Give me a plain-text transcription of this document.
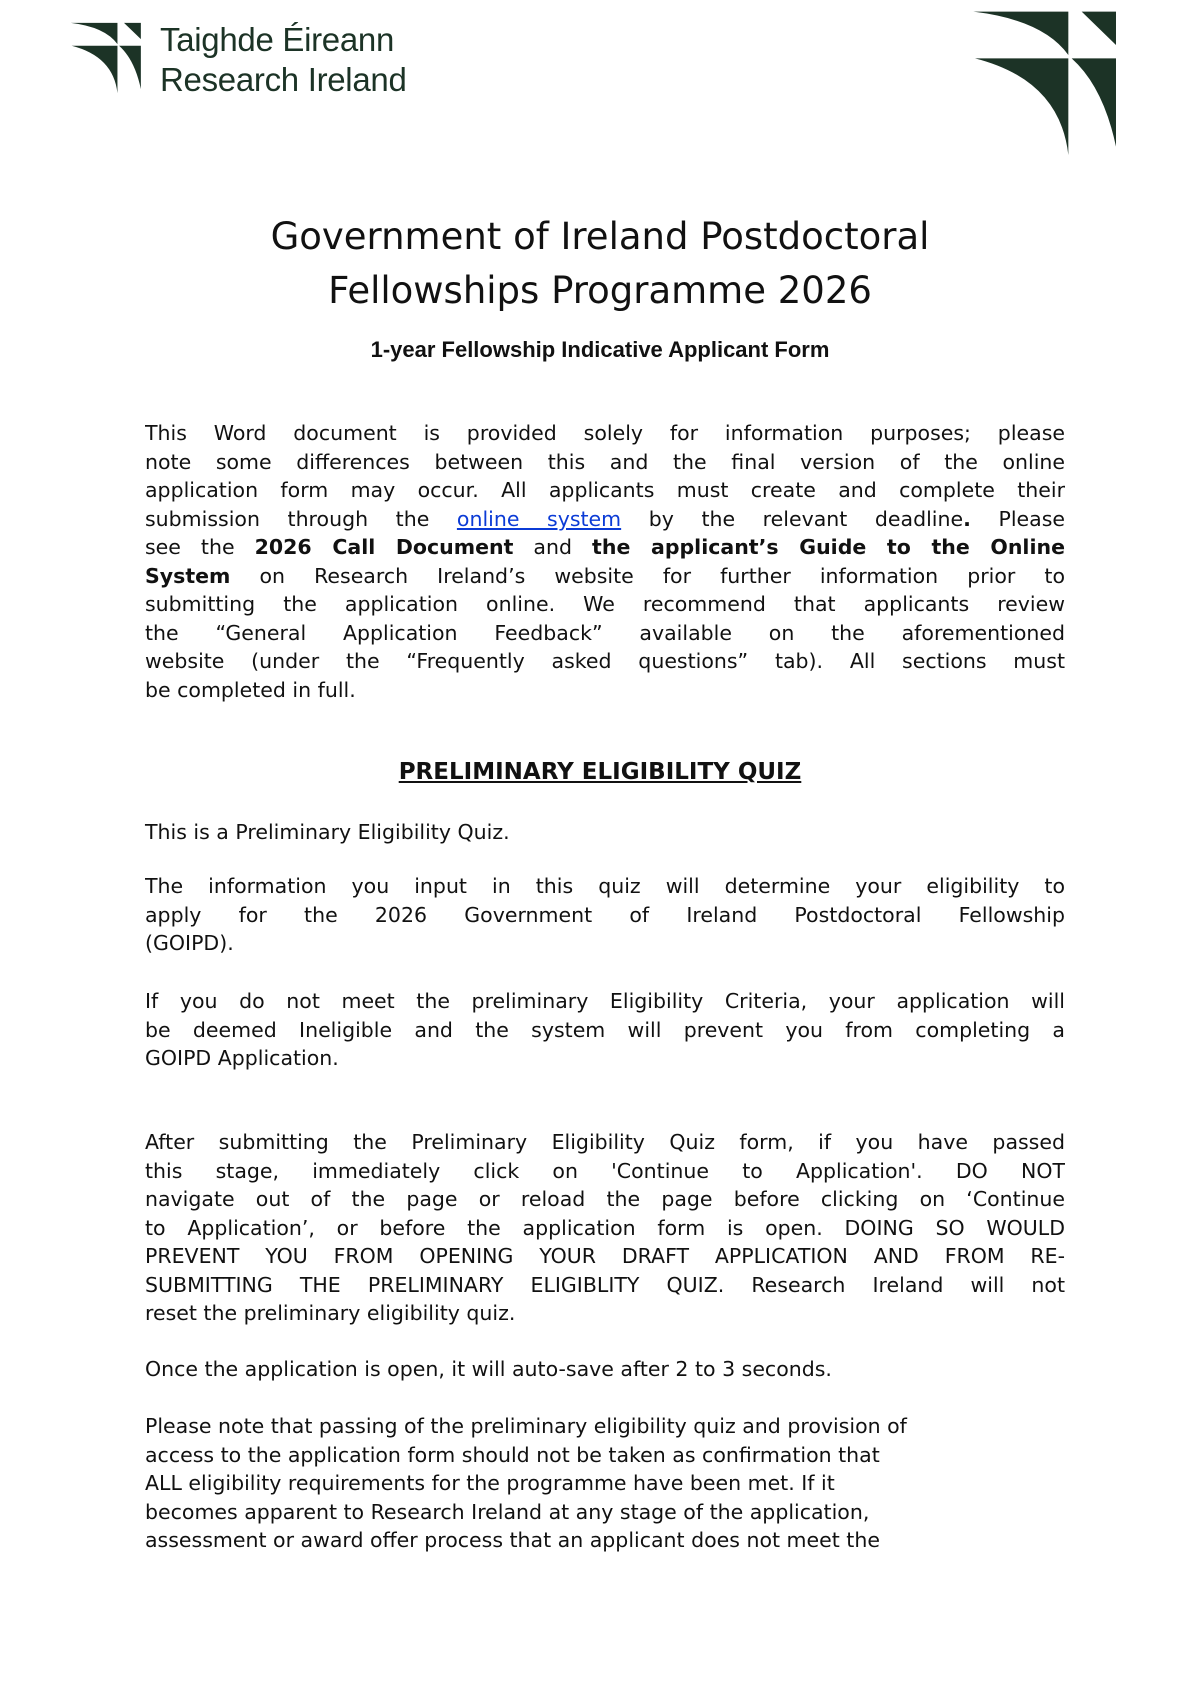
Taighde Éireann
Research Ireland
Government of Ireland Postdoctoral
Fellowships Programme 2026
1-year Fellowship Indicative Applicant Form
This Word document is provided solely for information purposes; please
note some differences between this and the final version of the online
application form may occur. All applicants must create and complete their
submission through the online system by the relevant deadline. Please
see the 2026 Call Document and the applicant’s Guide to the Online
System on Research Ireland’s website for further information prior to
submitting the application online. We recommend that applicants review
the “General Application Feedback” available on the aforementioned
website (under the “Frequently asked questions” tab). All sections must
be completed in full.
PRELIMINARY ELIGIBILITY QUIZ
This is a Preliminary Eligibility Quiz.
The information you input in this quiz will determine your eligibility to
apply for the 2026 Government of Ireland Postdoctoral Fellowship
(GOIPD).
If you do not meet the preliminary Eligibility Criteria, your application will
be deemed Ineligible and the system will prevent you from completing a
GOIPD Application.
After submitting the Preliminary Eligibility Quiz form, if you have passed
this stage, immediately click on 'Continue to Application'. DO NOT
navigate out of the page or reload the page before clicking on ‘Continue
to Application’, or before the application form is open. DOING SO WOULD
PREVENT YOU FROM OPENING YOUR DRAFT APPLICATION AND FROM RE-
SUBMITTING THE PRELIMINARY ELIGIBLITY QUIZ. Research Ireland will not
reset the preliminary eligibility quiz.
Once the application is open, it will auto-save after 2 to 3 seconds.
Please note that passing of the preliminary eligibility quiz and provision of
access to the application form should not be taken as confirmation that
ALL eligibility requirements for the programme have been met. If it
becomes apparent to Research Ireland at any stage of the application,
assessment or award offer process that an applicant does not meet the
